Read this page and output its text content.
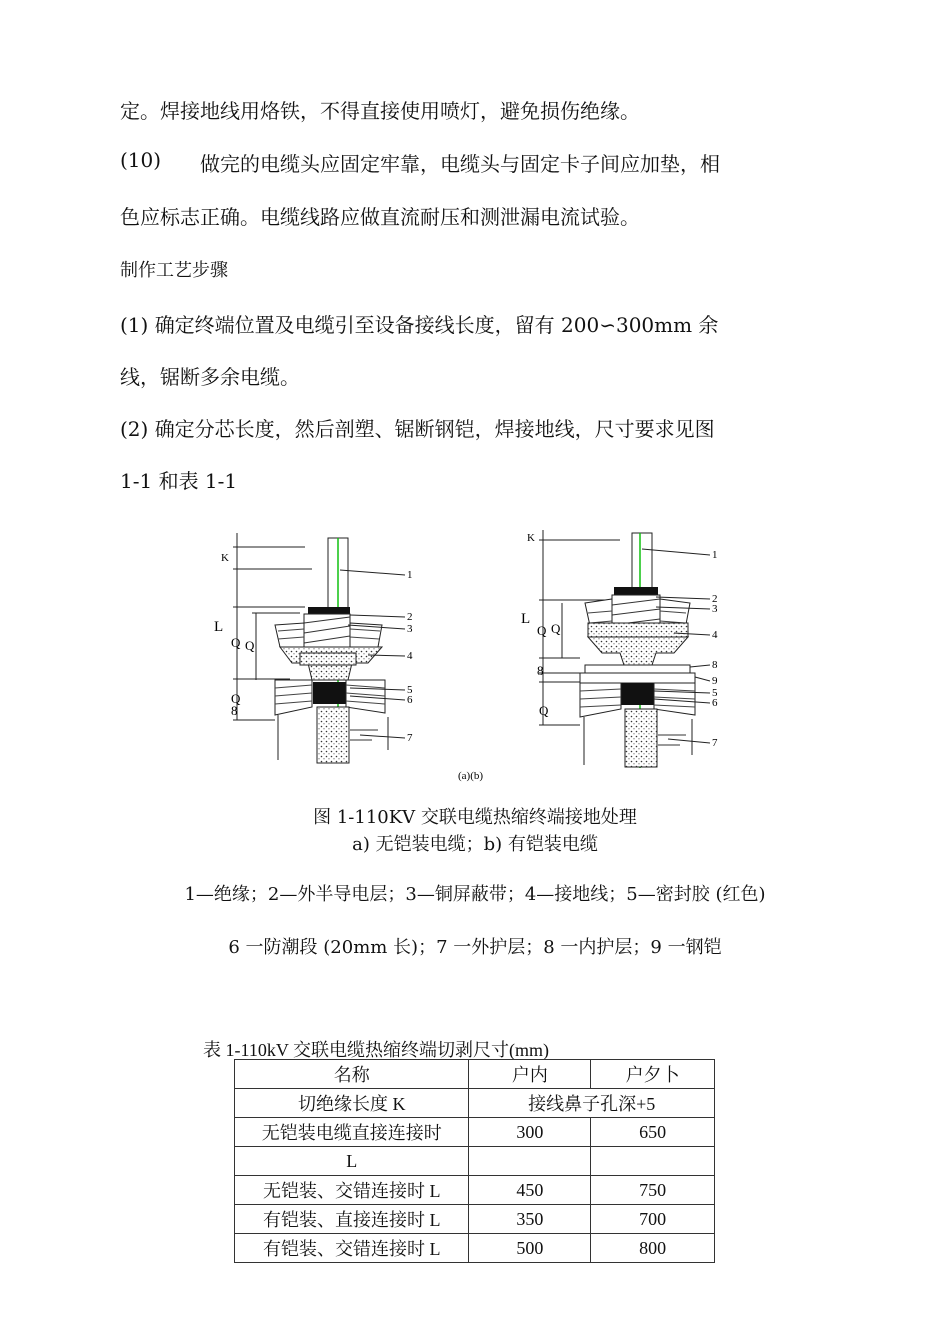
定。焊接地线用烙铁，不得直接使用喷灯，避免损伤绝缘。
(10) 做完的电缆头应固定牢靠，电缆头与固定卡子间应加垫，相
色应标志正确。电缆线路应做直流耐压和测泄漏电流试验。
制作工艺步骤
(1) 确定终端位置及电缆引至设备接线长度，留有 200∽300mm 余
线，锯断多余电缆。
(2) 确定分芯长度，然后剖塑、锯断钢铠，焊接地线，尺寸要求见图
1-1 和表 1-1
K
L
Q Q
Q
8
1
2
3
4
5
6
7
K
L
Q Q
8
Q
1
2
3
4
8
9
5
6
7
(a)(b)
图 1-110KV 交联电缆热缩终端接地处理
a) 无铠装电缆；b) 有铠装电缆
1—绝缘；2—外半导电层；3—铜屏蔽带；4—接地线；5—密封胶 (红色)
6 一防潮段 (20mm 长)；7 一外护层；8 一内护层；9 一钢铠
表 1-110kV 交联电缆热缩终端切剥尺寸(mm)
名称	户内	户夕卜
切绝缘长度 K	接线鼻子孔深+5	
无铠装电缆直接连接时	300	650
L		
无铠装、交错连接时 L	450	750
有铠装、直接连接时 L	350	700
有铠装、交错连接时 L	500	800
